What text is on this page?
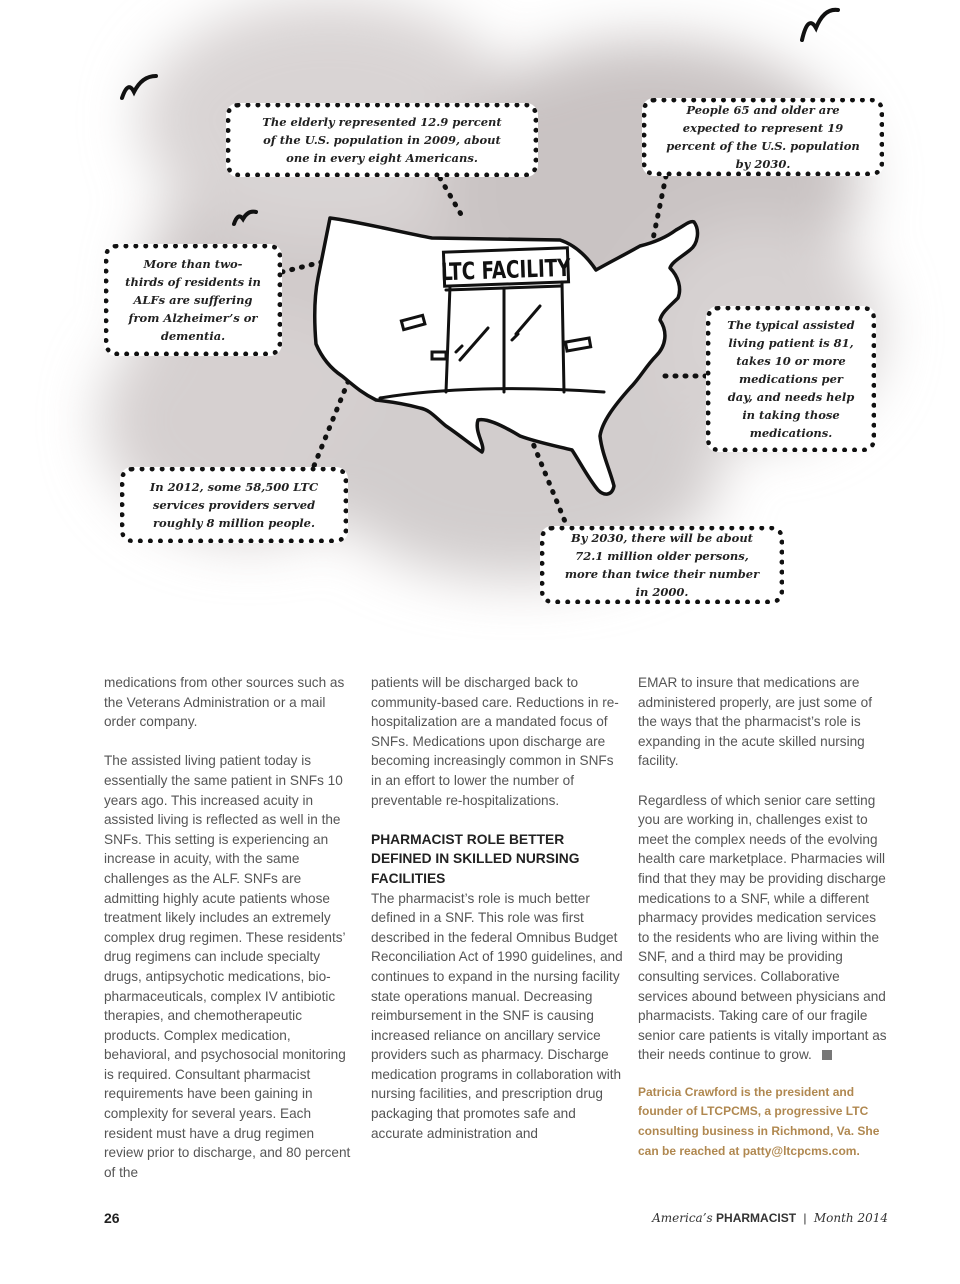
LTC FACILITY
The elderly represented 12.9 percent of the U.S. population in 2009, about one in every eight Americans.
People 65 and older are expected to represent 19 percent of the U.S. population by 2030.
More than two-thirds of residents in ALFs are suffering from Alzheimer’s or dementia.
The typical assisted living patient is 81, takes 10 or more medications per day, and needs help in taking those medications.
In 2012, some 58,500 LTC services providers served roughly 8 million people.
By 2030, there will be about 72.1 million older persons, more than twice their number in 2000.

medications from other sources such as the Veterans Administration or a mail order company.

The assisted living patient today is essentially the same patient in SNFs 10 years ago. This increased acuity in assisted living is reflected as well in the SNFs. This setting is experiencing an increase in acuity, with the same challenges as the ALF. SNFs are admitting highly acute patients whose treatment likely includes an extremely complex drug regimen. These residents’ drug regimens can include specialty drugs, antipsychotic medications, bio-pharmaceuticals, complex IV antibiotic therapies, and chemotherapeutic products. Complex medication, behavioral, and psychosocial monitoring is required. Consultant pharmacist requirements have been gaining in complexity for several years. Each resident must have a drug regimen review prior to discharge, and 80 percent of the

patients will be discharged back to community-based care. Reductions in re-hospitalization are a mandated focus of SNFs. Medications upon discharge are becoming increasingly common in SNFs in an effort to lower the number of preventable re-hospitalizations.

PHARMACIST ROLE BETTER DEFINED IN SKILLED NURSING FACILITIES

The pharmacist’s role is much better defined in a SNF. This role was first described in the federal Omnibus Budget Reconciliation Act of 1990 guidelines, and continues to expand in the nursing facility state operations manual. Decreasing reimbursement in the SNF is causing increased reliance on ancillary service providers such as pharmacy. Discharge medication programs in collaboration with nursing facilities, and prescription drug packaging that promotes safe and accurate administration and

EMAR to insure that medications are administered properly, are just some of the ways that the pharmacist’s role is expanding in the acute skilled nursing facility.

Regardless of which senior care setting you are working in, challenges exist to meet the complex needs of the evolving health care marketplace. Pharmacies will find that they may be providing discharge medications to a SNF, while a different pharmacy provides medication services to the residents who are living within the SNF, and a third may be providing consulting services. Collaborative services abound between physicians and pharmacists. Taking care of our fragile senior care patients is vitally important as their needs continue to grow.

Patricia Crawford is the president and founder of LTCPCMS, a progressive LTC consulting business in Richmond, Va. She can be reached at patty@ltcpcms.com.
26	America’s PHARMACIST | Month 2014
